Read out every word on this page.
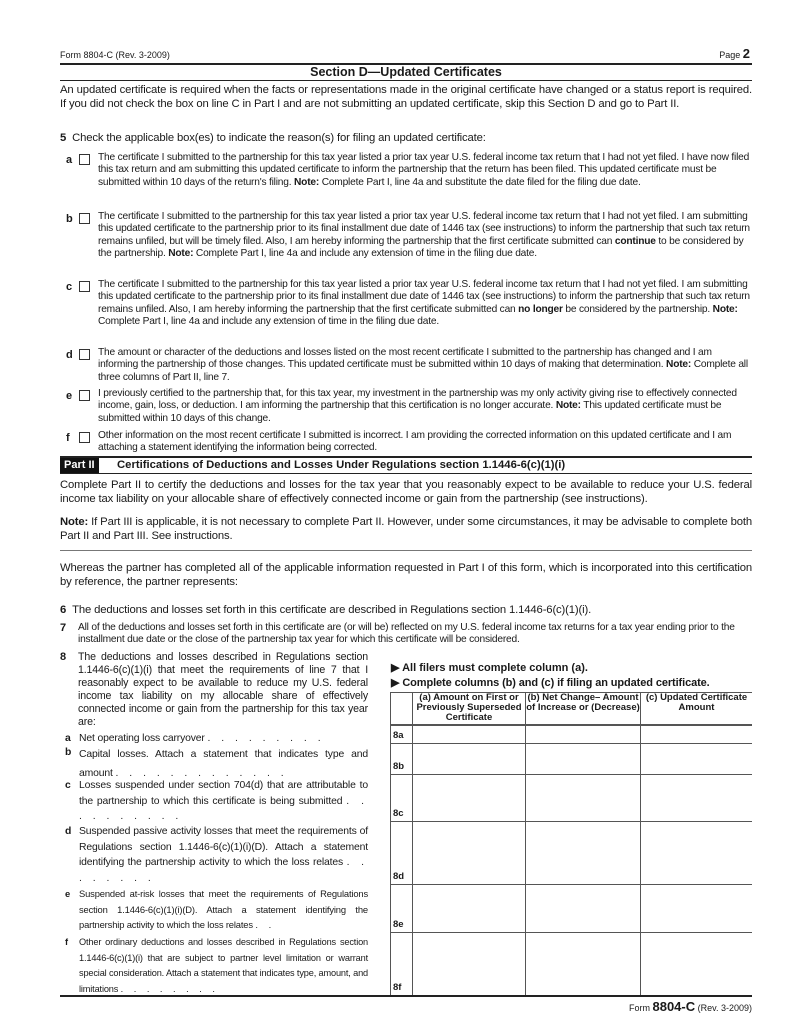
Form 8804-C (Rev. 3-2009)	Page 2
Section D—Updated Certificates
An updated certificate is required when the facts or representations made in the original certificate have changed or a status report is required. If you did not check the box on line C in Part I and are not submitting an updated certificate, skip this Section D and go to Part II.
5 Check the applicable box(es) to indicate the reason(s) for filing an updated certificate:
a	The certificate I submitted to the partnership for this tax year listed a prior tax year U.S. federal income tax return that I had not yet filed. I have now filed this tax return and am submitting this updated certificate to inform the partnership that the return has been filed. This updated certificate must be submitted within 10 days of the return's filing. Note: Complete Part I, line 4a and substitute the date filed for the filing due date.
b The certificate I submitted to the partnership for this tax year listed a prior tax year U.S. federal income tax return that I had not yet filed. I am submitting this updated certificate to the partnership prior to its final installment due date of 1446 tax (see instructions) to inform the partnership that such tax return remains unfiled, but will be timely filed. Also, I am hereby informing the partnership that the first certificate submitted can continue to be considered by the partnership. Note: Complete Part I, line 4a and include any extension of time in the filing due date.
c	The certificate I submitted to the partnership for this tax year listed a prior tax year U.S. federal income tax return that I had not yet filed. I am submitting this updated certificate to the partnership prior to its final installment due date of 1446 tax (see instructions) to inform the partnership that such tax return remains unfiled. Also, I am hereby informing the partnership that the first certificate submitted can no longer be considered by the partnership. Note: Complete Part I, line 4a and include any extension of time in the filing due date.
d The amount or character of the deductions and losses listed on the most recent certificate I submitted to the partnership has changed and I am informing the partnership of those changes. This updated certificate must be submitted within 10 days of making that determination. Note: Complete all three columns of Part II, line 7.
e	I previously certified to the partnership that, for this tax year, my investment in the partnership was my only activity giving rise to effectively connected income, gain, loss, or deduction. I am informing the partnership that this certification is no longer accurate. Note: This updated certificate must be submitted within 10 days of this change.
f	Other information on the most recent certificate I submitted is incorrect. I am providing the corrected information on this updated certificate and I am attaching a statement identifying the information being corrected.
Part II	Certifications of Deductions and Losses Under Regulations section 1.1446-6(c)(1)(i)
Complete Part II to certify the deductions and losses for the tax year that you reasonably expect to be available to reduce your U.S. federal income tax liability on your allocable share of effectively connected income or gain from the partnership (see instructions).
Note: If Part III is applicable, it is not necessary to complete Part II. However, under some circumstances, it may be advisable to complete both Part II and Part III. See instructions.
Whereas the partner has completed all of the applicable information requested in Part I of this form, which is incorporated into this certification by reference, the partner represents:
6 The deductions and losses set forth in this certificate are described in Regulations section 1.1446-6(c)(1)(i).
7 All of the deductions and losses set forth in this certificate are (or will be) reflected on my U.S. federal income tax returns for a tax year ending prior to the installment due date or the close of the partnership tax year for which this certificate will be considered.
8 The deductions and losses described in Regulations section 1.1446-6(c)(1)(i) that meet the requirements of line 7 that I reasonably expect to be available to reduce my U.S. federal income tax liability on my allocable share of effectively connected income or gain from the partnership for this tax year are:
▶ All filers must complete column (a).
▶ Complete columns (b) and (c) if filing an updated certificate.
a Net operating loss carryover . . . . . . . . .
b Capital losses. Attach a statement that indicates type and amount . . . . . . . . . . . . .
c Losses suspended under section 704(d) that are attributable to the partnership to which this certificate is being submitted . . . . . . . . . .
d Suspended passive activity losses that meet the requirements of Regulations section 1.1446-6(c)(1)(i)(D). Attach a statement identifying the partnership activity to which the loss relates . . . . . . . .
e Suspended at-risk losses that meet the requirements of Regulations section 1.1446-6(c)(1)(i)(D). Attach a statement identifying the partnership activity to which the loss relates . .
f Other ordinary deductions and losses described in Regulations section 1.1446-6(c)(1)(i) that are subject to partner level limitation or warrant special consideration. Attach a statement that indicates type, amount, and limitations . . . . . . . .
	(a) Amount on First or Previously Superseded Certificate	(b) Net Change– Amount of Increase or (Decrease)	(c) Updated Certificate Amount
8a			
8b			
8c			
8d			
8e			
8f			
Form 8804-C (Rev. 3-2009)
